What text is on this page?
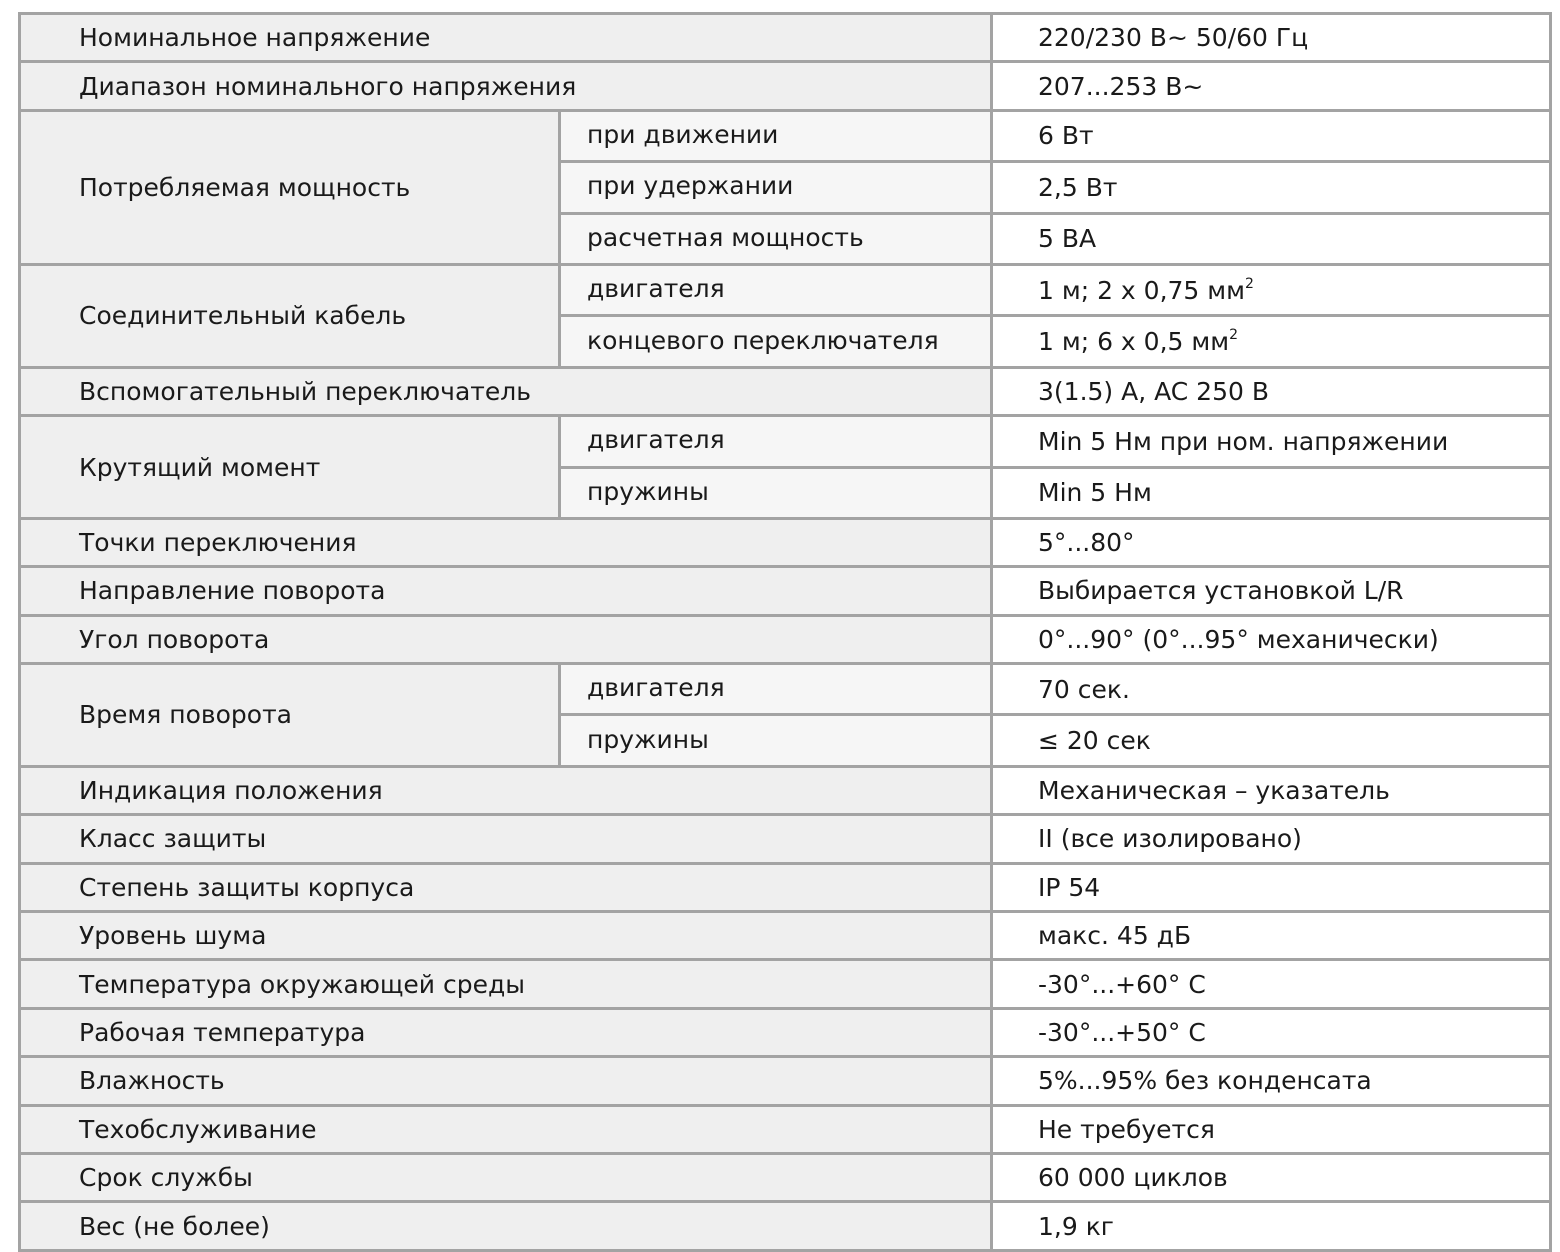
Номинальное напряжение		220/230 В~ 50/60 Гц
Диапазон номинального напряжения		207...253 В~
Потребляемая мощность	при движении	6 Вт
	при удержании	2,5 Вт
	расчетная мощность	5 ВА
Соединительный кабель	двигателя	1 м; 2 х 0,75 $мм^2$
	концевого переключателя	1 м; 6 х 0,5 $мм^2$
Вспомогательный переключатель		3(1.5) А, AC 250 В
Крутящий момент	двигателя	Min 5 Нм при ном. напряжении
	пружины	Min 5 Нм
Точки переключения		5°...80°
Направление поворота		Выбирается установкой L/R
Угол поворота		0°...90° (0°...95° механически)
Время поворота	двигателя	70 сек.
	пружины	≤ 20 сек
Индикация положения		Механическая – указатель
Класс защиты		II (все изолировано)
Степень защиты корпуса		IP 54
Уровень шума		макс. 45 дБ
Температура окружающей среды		-30°...+60° С
Рабочая температура		-30°...+50° С
Влажность		5%...95% без конденсата
Техобслуживание		Не требуется
Срок службы		60 000 циклов
Вес (не более)		1,9 кг
